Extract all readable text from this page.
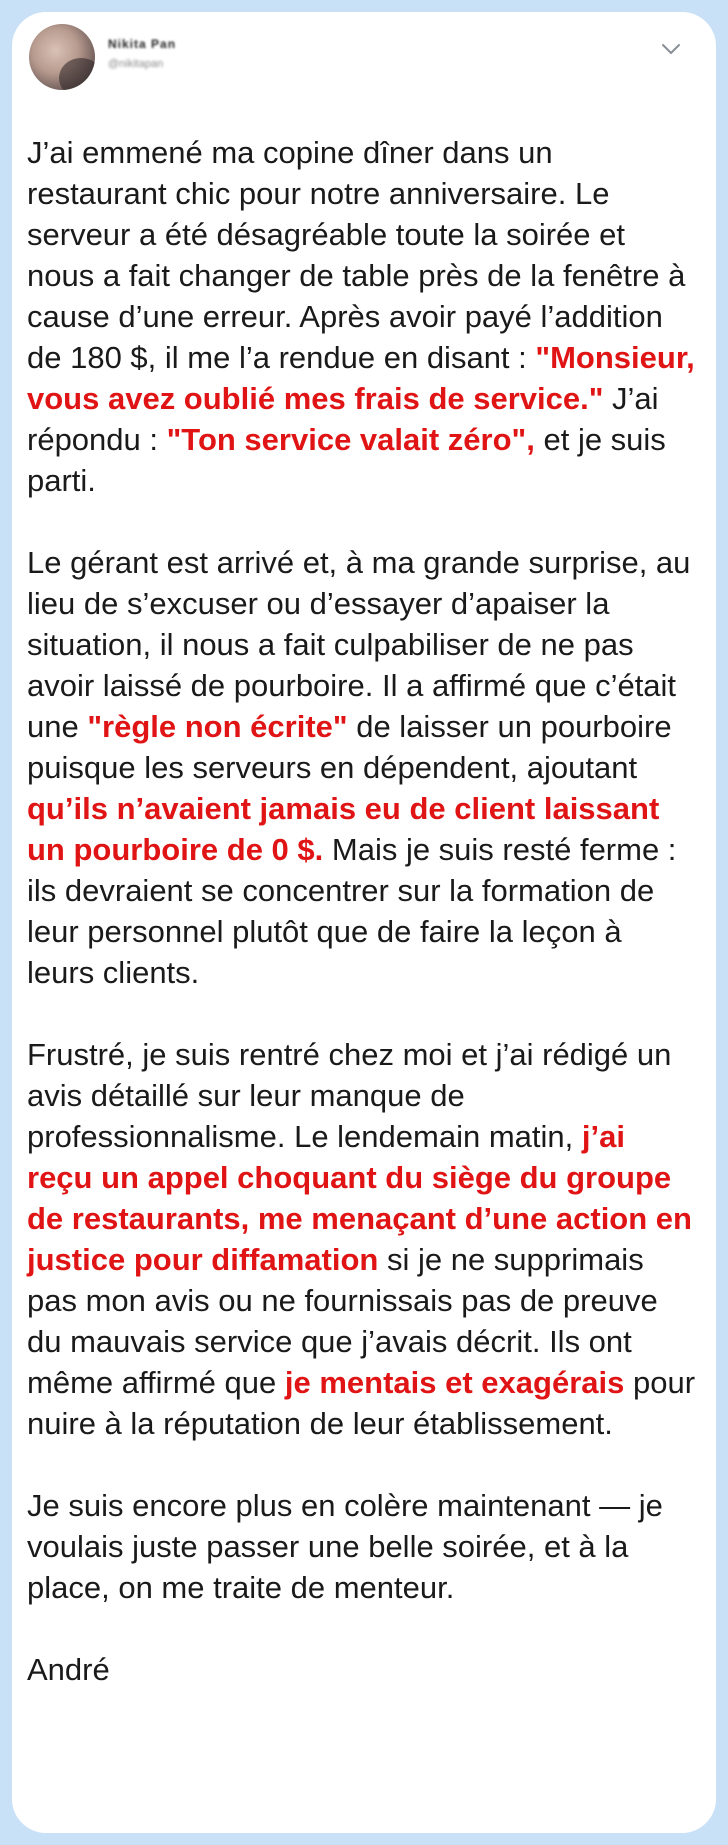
Nikita Pan
@nikitapan

J’ai emmené ma copine dîner dans un restaurant chic pour notre anniversaire. Le serveur a été désagréable toute la soirée et nous a fait changer de table près de la fenêtre à cause d’une erreur. Après avoir payé l’addition de 180 $, il me l’a rendue en disant : "Monsieur, vous avez oublié mes frais de service." J’ai répondu : "Ton service valait zéro", et je suis parti.

Le gérant est arrivé et, à ma grande surprise, au lieu de s’excuser ou d’essayer d’apaiser la situation, il nous a fait culpabiliser de ne pas avoir laissé de pourboire. Il a affirmé que c’était une "règle non écrite" de laisser un pourboire puisque les serveurs en dépendent, ajoutant qu’ils n’avaient jamais eu de client laissant un pourboire de 0 $. Mais je suis resté ferme : ils devraient se concentrer sur la formation de leur personnel plutôt que de faire la leçon à leurs clients.

Frustré, je suis rentré chez moi et j’ai rédigé un avis détaillé sur leur manque de professionnalisme. Le lendemain matin, j’ai reçu un appel choquant du siège du groupe de restaurants, me menaçant d’une action en justice pour diffamation si je ne supprimais pas mon avis ou ne fournissais pas de preuve du mauvais service que j’avais décrit. Ils ont même affirmé que je mentais et exagérais pour nuire à la réputation de leur établissement.

Je suis encore plus en colère maintenant — je voulais juste passer une belle soirée, et à la place, on me traite de menteur.

André
